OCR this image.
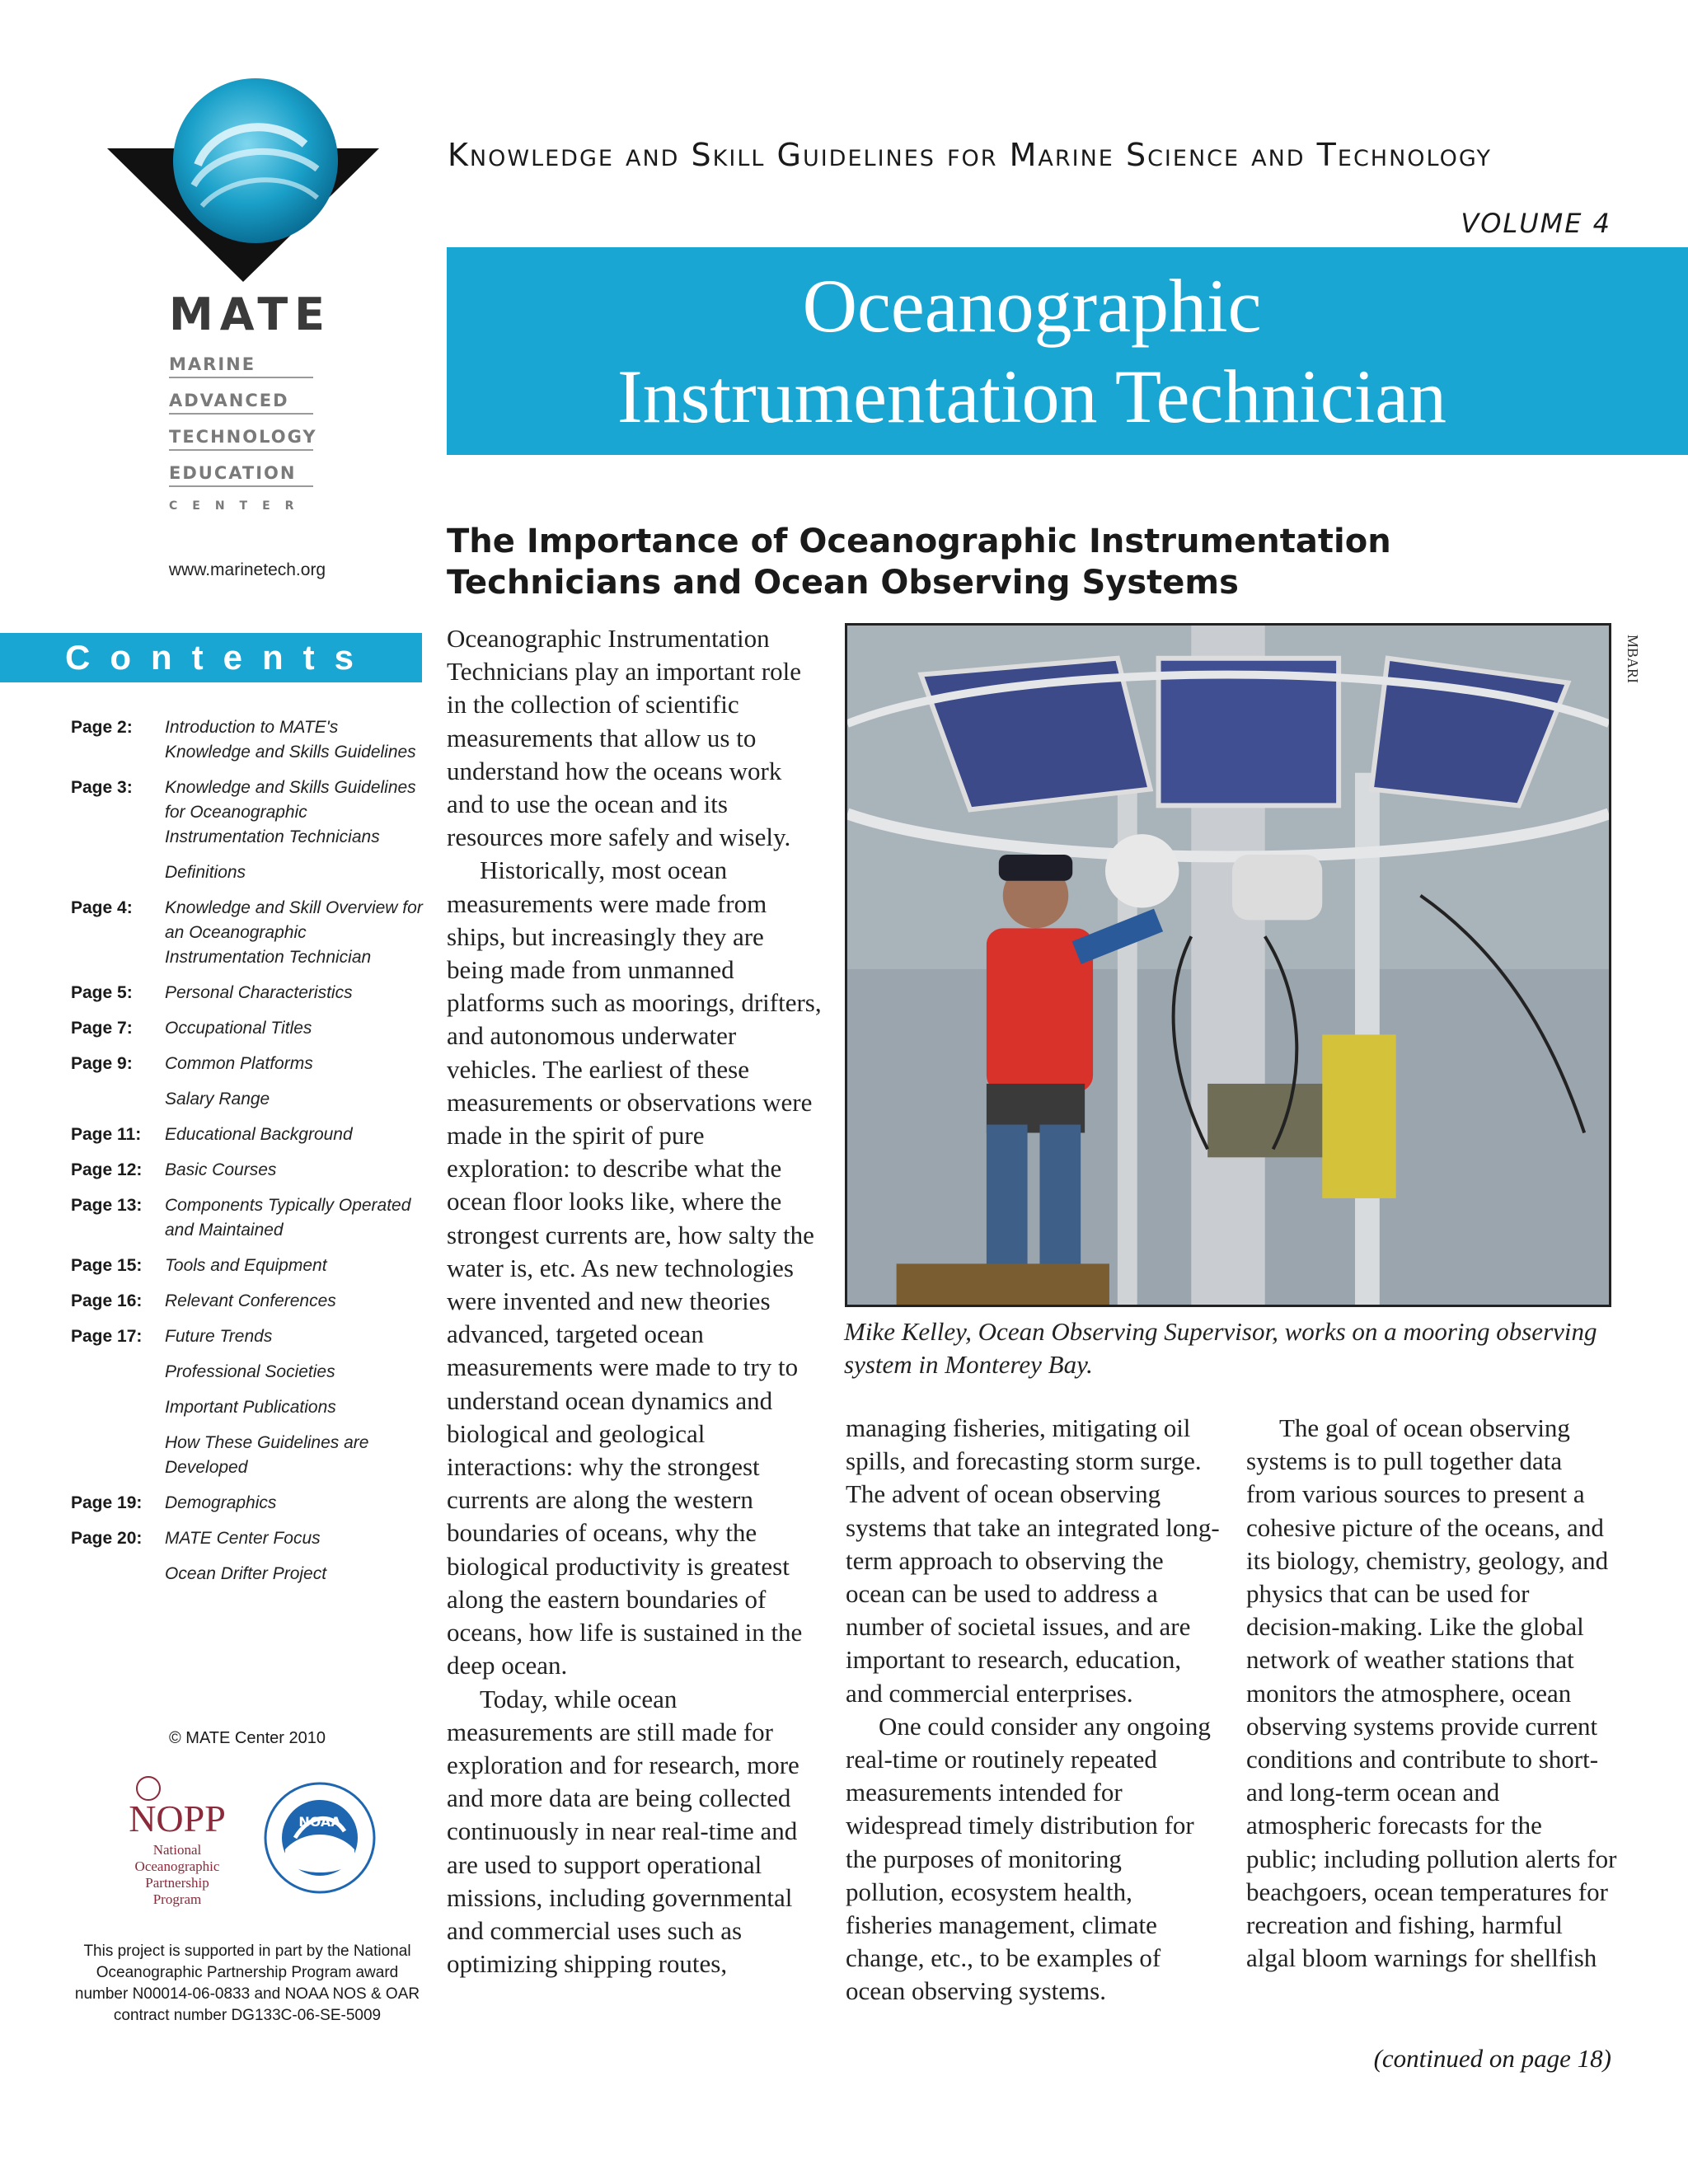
MATE
MARINE
ADVANCED
TECHNOLOGY
EDUCATION
CENTER
www.marinetech.org
Contents
Page 2:	Introduction to MATE's Knowledge and Skills Guidelines
Page 3:	Knowledge and Skills Guidelines for Oceanographic Instrumentation Technicians
Definitions
Page 4:	Knowledge and Skill Overview for an Oceanographic Instrumentation Technician
Page 5:	Personal Characteristics
Page 7:	Occupational Titles
Page 9:	Common Platforms
Salary Range
Page 11:	Educational Background
Page 12:	Basic Courses
Page 13:	Components Typically Operated and Maintained
Page 15:	Tools and Equipment
Page 16:	Relevant Conferences
Page 17:	Future Trends
Professional Societies
Important Publications
How These Guidelines are Developed
Page 19:	Demographics
Page 20:	MATE Center Focus
Ocean Drifter Project
© MATE Center 2010
NOPP
National
Oceanographic
Partnership
Program
NOAA
This project is supported in part by the National Oceanographic Partnership Program award number N00014-06-0833 and NOAA NOS & OAR contract number DG133C-06-SE-5009
Knowledge and Skill Guidelines for Marine Science and Technology
VOLUME 4
Oceanographic
Instrumentation Technician
The Importance of Oceanographic Instrumentation Technicians and Ocean Observing Systems

Oceanographic Instrumentation Technicians play an important role in the collection of scientific measurements that allow us to understand how the oceans work and to use the ocean and its resources more safely and wisely.

Historically, most ocean measurements were made from ships, but increasingly they are being made from unmanned platforms such as moorings, drifters, and autonomous underwater vehicles. The earliest of these measurements or observations were made in the spirit of pure exploration: to describe what the ocean floor looks like, where the strongest currents are, how salty the water is, etc. As new technologies were invented and new theories advanced, targeted ocean measurements were made to try to understand ocean dynamics and biological and geological interactions: why the strongest currents are along the western boundaries of oceans, why the biological productivity is greatest along the eastern boundaries of oceans, how life is sustained in the deep ocean.

Today, while ocean measurements are still made for exploration and for research, more and more data are being collected continuously in near real-time and are used to support operational missions, including governmental and commercial uses such as optimizing shipping routes,

MBARI
Mike Kelley, Ocean Observing Supervisor, works on a mooring observing system in Monterey Bay.

managing fisheries, mitigating oil spills, and forecasting storm surge. The advent of ocean observing systems that take an integrated long-term approach to observing the ocean can be used to address a number of societal issues, and are important to research, education, and commercial enterprises.

One could consider any ongoing real-time or routinely repeated measurements intended for widespread timely distribution for the purposes of monitoring pollution, ecosystem health, fisheries management, climate change, etc., to be examples of ocean observing systems.

The goal of ocean observing systems is to pull together data from various sources to present a cohesive picture of the oceans, and its biology, chemistry, geology, and physics that can be used for decision-making. Like the global network of weather stations that monitors the atmosphere, ocean observing systems provide current conditions and contribute to short- and long-term ocean and atmospheric forecasts for the public; including pollution alerts for beachgoers, ocean temperatures for recreation and fishing, harmful algal bloom warnings for shellfish

(continued on page 18)
